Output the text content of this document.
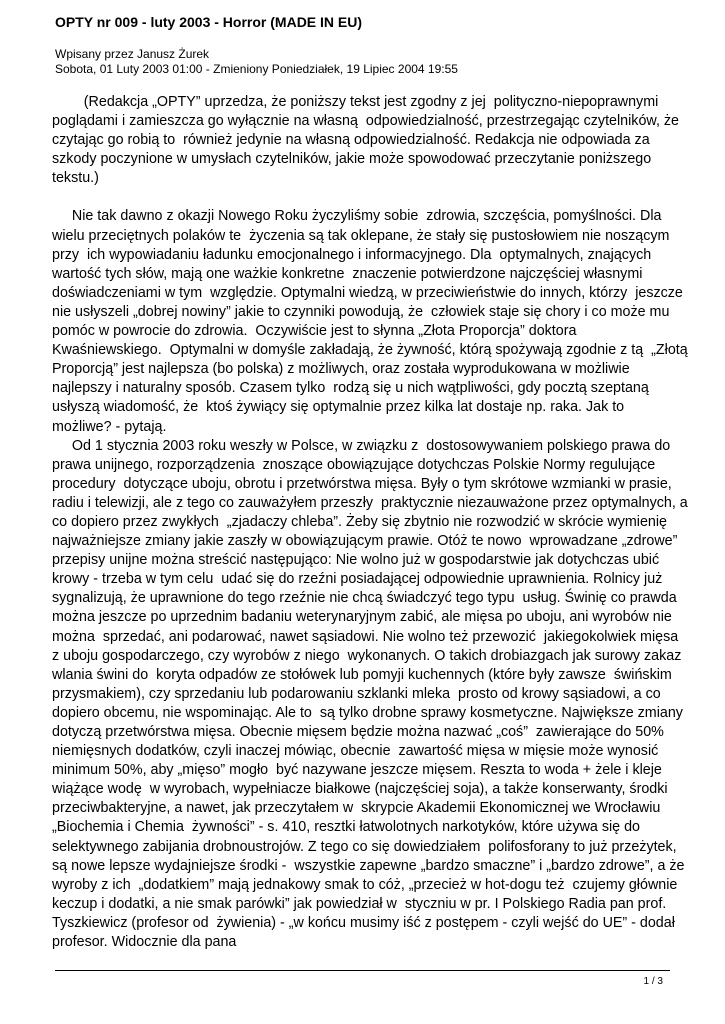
OPTY nr 009 - luty 2003 - Horror (MADE IN EU)
Wpisany przez Janusz Żurek
Sobota, 01 Luty 2003 01:00 - Zmieniony Poniedziałek, 19 Lipiec 2004 19:55

(Redakcja „OPTY” uprzedza, że poniższy tekst jest zgodny z jej  polityczno-niepoprawnymi poglądami i zamieszcza go wyłącznie na własną  odpowiedzialność, przestrzegając czytelników, że czytając go robią to  również jedynie na własną odpowiedzialność. Redakcja nie odpowiada za  szkody poczynione w umysłach czytelników, jakie może spowodować przeczytanie poniższego tekstu.)

Nie tak dawno z okazji Nowego Roku życzyliśmy sobie  zdrowia, szczęścia, pomyślności. Dla wielu przeciętnych polaków te  życzenia są tak oklepane, że stały się pustosłowiem nie noszącym przy  ich wypowiadaniu ładunku emocjonalnego i informacyjnego. Dla  optymalnych, znających wartość tych słów, mają one ważkie konkretne  znaczenie potwierdzone najczęściej własnymi doświadczeniami w tym  względzie. Optymalni wiedzą, w przeciwieństwie do innych, którzy  jeszcze nie usłyszeli „dobrej nowiny” jakie to czynniki powodują, że  człowiek staje się chory i co może mu pomóc w powrocie do zdrowia.  Oczywiście jest to słynna „Złota Proporcja” doktora Kwaśniewskiego.  Optymalni w domyśle zakładają, że żywność, którą spożywają zgodnie z tą  „Złotą Proporcją” jest najlepsza (bo polska) z możliwych, oraz została wyprodukowana w możliwie najlepszy i naturalny sposób. Czasem tylko  rodzą się u nich wątpliwości, gdy pocztą szeptaną usłyszą wiadomość, że  ktoś żywiący się optymalnie przez kilka lat dostaje np. raka. Jak to  możliwe? - pytają.

Od 1 stycznia 2003 roku weszły w Polsce, w związku z  dostosowywaniem polskiego prawa do prawa unijnego, rozporządzenia  znoszące obowiązujące dotychczas Polskie Normy regulujące procedury  dotyczące uboju, obrotu i przetwórstwa mięsa. Były o tym skrótowe wzmianki w prasie, radiu i telewizji, ale z tego co zauważyłem przeszły  praktycznie niezauważone przez optymalnych, a co dopiero przez zwykłych  „zjadaczy chleba”. Żeby się zbytnio nie rozwodzić w skrócie wymienię  najważniejsze zmiany jakie zaszły w obowiązującym prawie. Otóż te nowo  wprowadzane „zdrowe” przepisy unijne można streścić następująco: Nie wolno już w gospodarstwie jak dotychczas ubić krowy - trzeba w tym celu  udać się do rzeźni posiadającej odpowiednie uprawnienia. Rolnicy już  sygnalizują, że uprawnione do tego rzeźnie nie chcą świadczyć tego typu  usług. Świnię co prawda można jeszcze po uprzednim badaniu weterynaryjnym zabić, ale mięsa po uboju, ani wyrobów nie można  sprzedać, ani podarować, nawet sąsiadowi. Nie wolno też przewozić  jakiegokolwiek mięsa z uboju gospodarczego, czy wyrobów z niego  wykonanych. O takich drobiazgach jak surowy zakaz wlania świni do  koryta odpadów ze stołówek lub pomyji kuchennych (które były zawsze  świńskim przysmakiem), czy sprzedaniu lub podarowaniu szklanki mleka  prosto od krowy sąsiadowi, a co dopiero obcemu, nie wspominając. Ale to  są tylko drobne sprawy kosmetyczne. Największe zmiany dotyczą przetwórstwa mięsa. Obecnie mięsem będzie można nazwać „coś”  zawierające do 50% niemięsnych dodatków, czyli inaczej mówiąc, obecnie  zawartość mięsa w mięsie może wynosić minimum 50%, aby „mięso” mogło  być nazywane jeszcze mięsem. Reszta to woda + żele i kleje wiążące wodę  w wyrobach, wypełniacze białkowe (najczęściej soja), a także konserwanty, środki przeciwbakteryjne, a nawet, jak przeczytałem w  skrypcie Akademii Ekonomicznej we Wrocławiu „Biochemia i Chemia  żywności” - s. 410, resztki łatwolotnych narkotyków, które używa się do  selektywnego zabijania drobnoustrojów. Z tego co się dowiedziałem  polifosforany to już przeżytek, są nowe lepsze wydajniejsze środki -  wszystkie zapewne „bardzo smaczne” i „bardzo zdrowe”, a że wyroby z ich  „dodatkiem” mają jednakowy smak to cóż, „przecież w hot-dogu też  czujemy głównie keczup i dodatki, a nie smak parówki” jak powiedział w  styczniu w pr. I Polskiego Radia pan prof. Tyszkiewicz (profesor od  żywienia) - „w końcu musimy iść z postępem - czyli wejść do UE” - dodał  profesor. Widocznie dla pana

1 / 3
